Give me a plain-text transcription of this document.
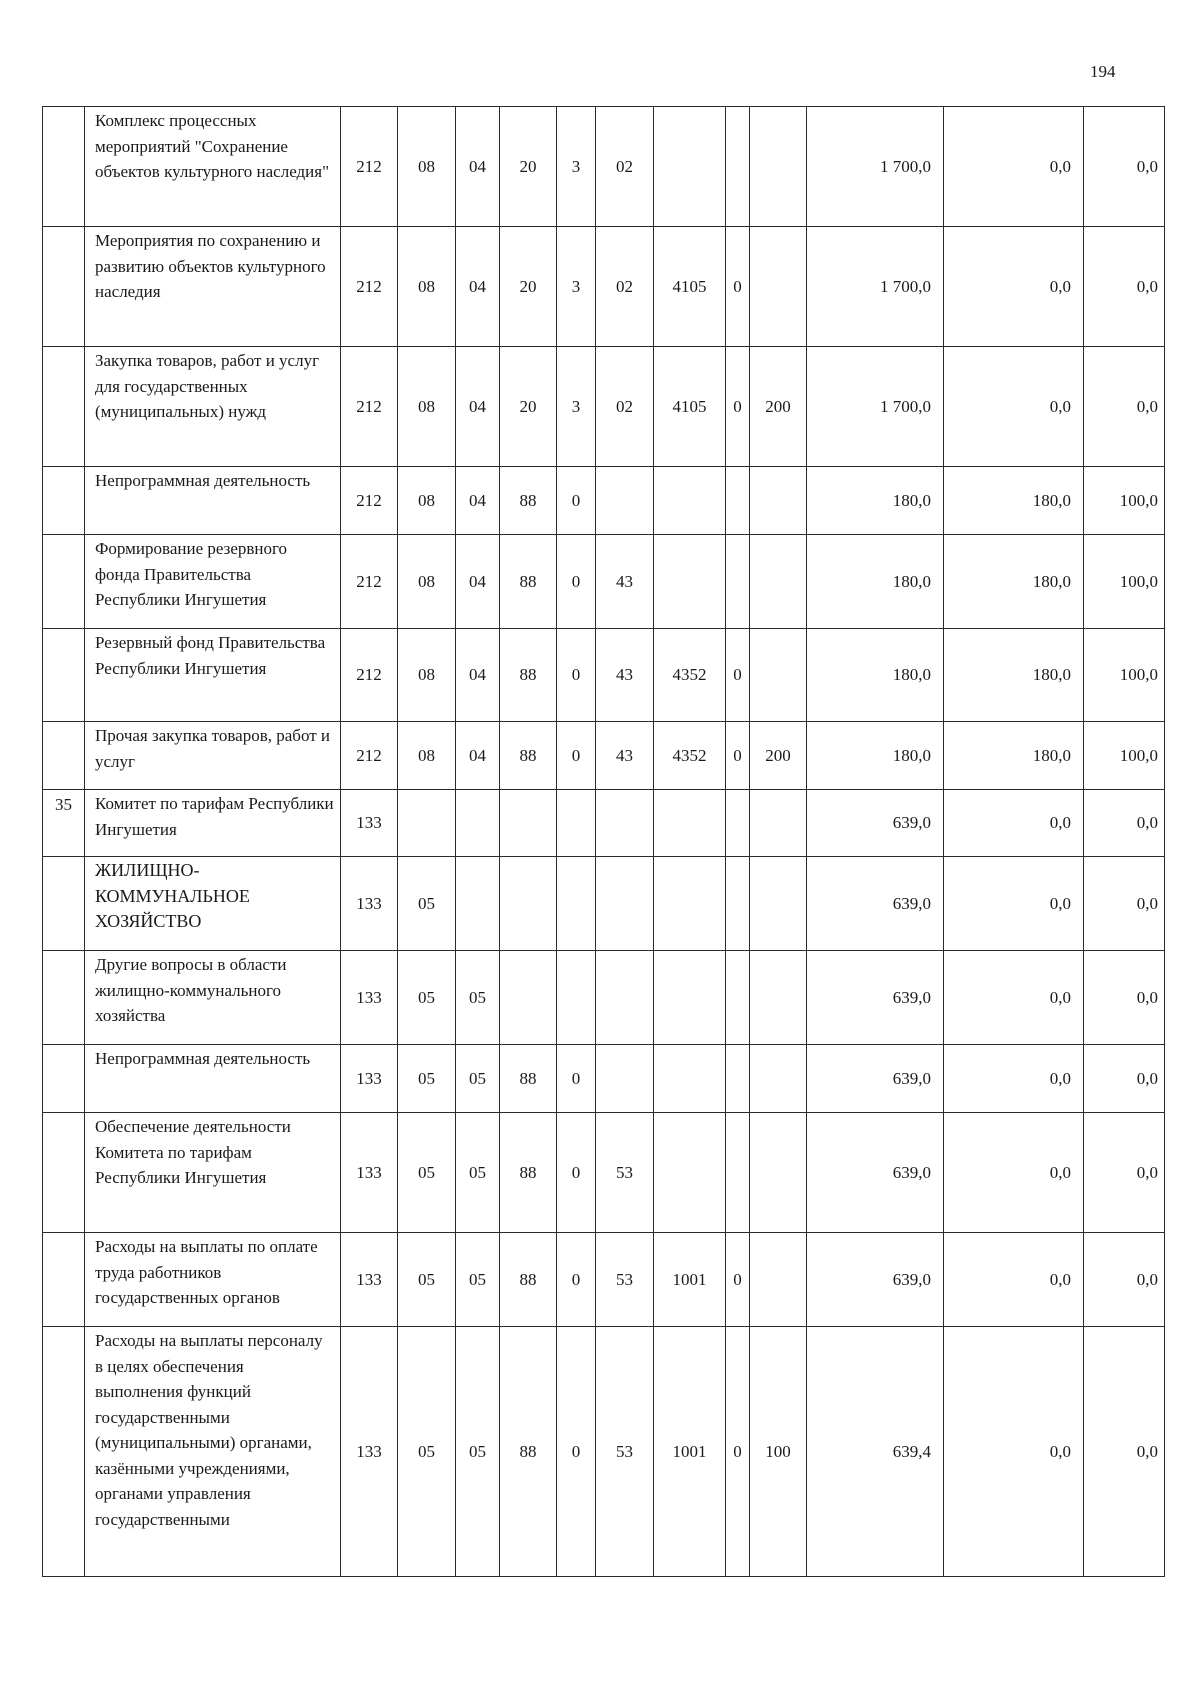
194
	Комплекс процессных мероприятий "Сохранение объектов культурного наследия"	212	08	04	20	3	02				1 700,0	0,0	0,0
	Мероприятия по сохранению и развитию объектов культурного наследия	212	08	04	20	3	02	4105	0		1 700,0	0,0	0,0
	Закупка товаров, работ и услуг для государственных (муниципальных) нужд	212	08	04	20	3	02	4105	0	200	1 700,0	0,0	0,0
	Непрограммная деятельность	212	08	04	88	0					180,0	180,0	100,0
	Формирование резервного фонда Правительства Республики Ингушетия	212	08	04	88	0	43				180,0	180,0	100,0
	Резервный фонд Правительства Республики Ингушетия	212	08	04	88	0	43	4352	0		180,0	180,0	100,0
	Прочая закупка товаров, работ и услуг	212	08	04	88	0	43	4352	0	200	180,0	180,0	100,0
35	Комитет по тарифам Республики Ингушетия	133									639,0	0,0	0,0
	ЖИЛИЩНО-КОММУНАЛЬНОЕ ХОЗЯЙСТВО	133	05								639,0	0,0	0,0
	Другие вопросы в области жилищно-коммунального хозяйства	133	05	05							639,0	0,0	0,0
	Непрограммная деятельность	133	05	05	88	0					639,0	0,0	0,0
	Обеспечение деятельности Комитета по тарифам Республики Ингушетия	133	05	05	88	0	53				639,0	0,0	0,0
	Расходы на выплаты по оплате труда работников государственных органов	133	05	05	88	0	53	1001	0		639,0	0,0	0,0
	Расходы на выплаты персоналу в целях обеспечения выполнения функций государственными (муниципальными) органами, казёнными учреждениями, органами управления государственными	133	05	05	88	0	53	1001	0	100	639,4	0,0	0,0
